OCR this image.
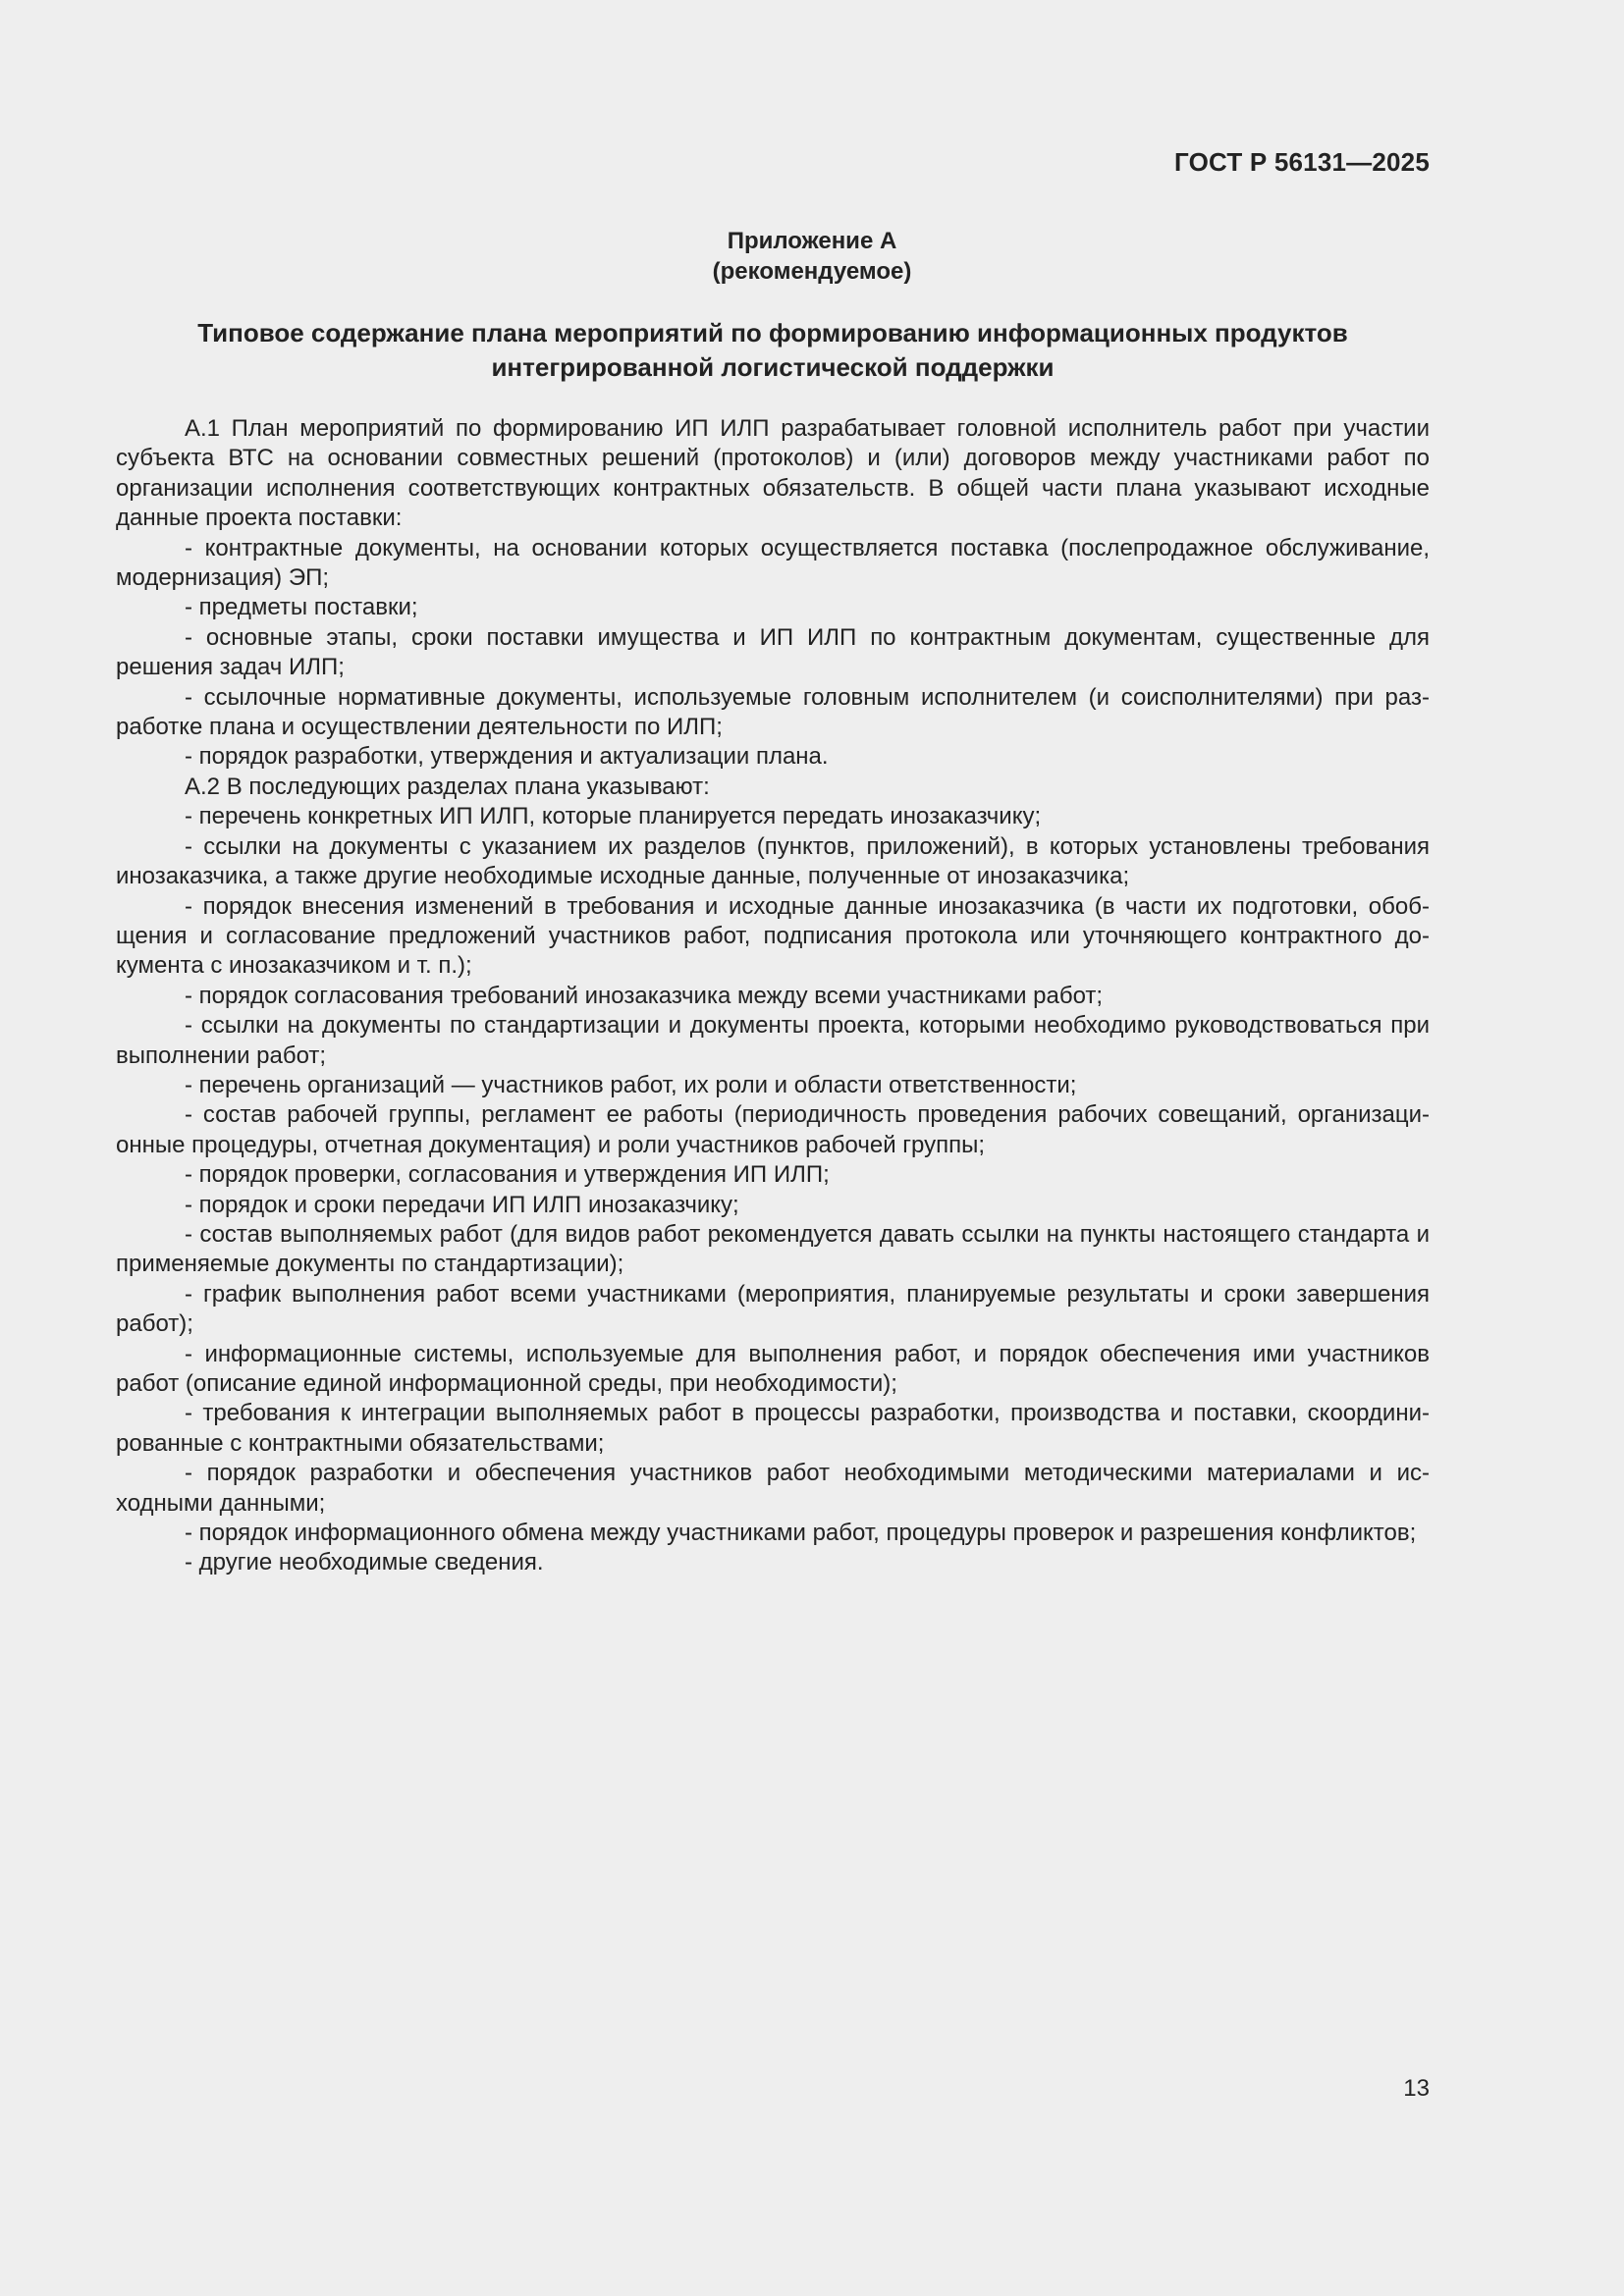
ГОСТ Р 56131—2025
Приложение А
(рекомендуемое)
Типовое содержание плана мероприятий по формированию информационных продуктов
интегрированной логистической поддержки

А.1 План мероприятий по формированию ИП ИЛП разрабатывает головной исполнитель работ при участии субъекта ВТС на основании совместных решений (протоколов) и (или) договоров между участниками работ по организации исполнения соответствующих контрактных обязательств. В общей части плана указывают исходные данные проекта поставки:

- контрактные документы, на основании которых осуществляется поставка (послепродажное обслуживание, модернизация) ЭП;

- предметы поставки;

- основные этапы, сроки поставки имущества и ИП ИЛП по контрактным документам, существенные для решения задач ИЛП;

- ссылочные нормативные документы, используемые головным исполнителем (и соисполнителями) при разработке плана и осуществлении деятельности по ИЛП;

- порядок разработки, утверждения и актуализации плана.

А.2 В последующих разделах плана указывают:

- перечень конкретных ИП ИЛП, которые планируется передать инозаказчику;

- ссылки на документы с указанием их разделов (пунктов, приложений), в которых установлены требования инозаказчика, а также другие необходимые исходные данные, полученные от инозаказчика;

- порядок внесения изменений в требования и исходные данные инозаказчика (в части их подготовки, обобщения и согласование предложений участников работ, подписания протокола или уточняющего контрактного документа с инозаказчиком и т. п.);

- порядок согласования требований инозаказчика между всеми участниками работ;

- ссылки на документы по стандартизации и документы проекта, которыми необходимо руководствоваться при выполнении работ;

- перечень организаций — участников работ, их роли и области ответственности;

- состав рабочей группы, регламент ее работы (периодичность проведения рабочих совещаний, организационные процедуры, отчетная документация) и роли участников рабочей группы;

- порядок проверки, согласования и утверждения ИП ИЛП;

- порядок и сроки передачи ИП ИЛП инозаказчику;

- состав выполняемых работ (для видов работ рекомендуется давать ссылки на пункты настоящего стандарта и применяемые документы по стандартизации);

- график выполнения работ всеми участниками (мероприятия, планируемые результаты и сроки завершения работ);

- информационные системы, используемые для выполнения работ, и порядок обеспечения ими участников работ (описание единой информационной среды, при необходимости);

- требования к интеграции выполняемых работ в процессы разработки, производства и поставки, скоординированные с контрактными обязательствами;

- порядок разработки и обеспечения участников работ необходимыми методическими материалами и исходными данными;

- порядок информационного обмена между участниками работ, процедуры проверок и разрешения конфликтов;

- другие необходимые сведения.

13
